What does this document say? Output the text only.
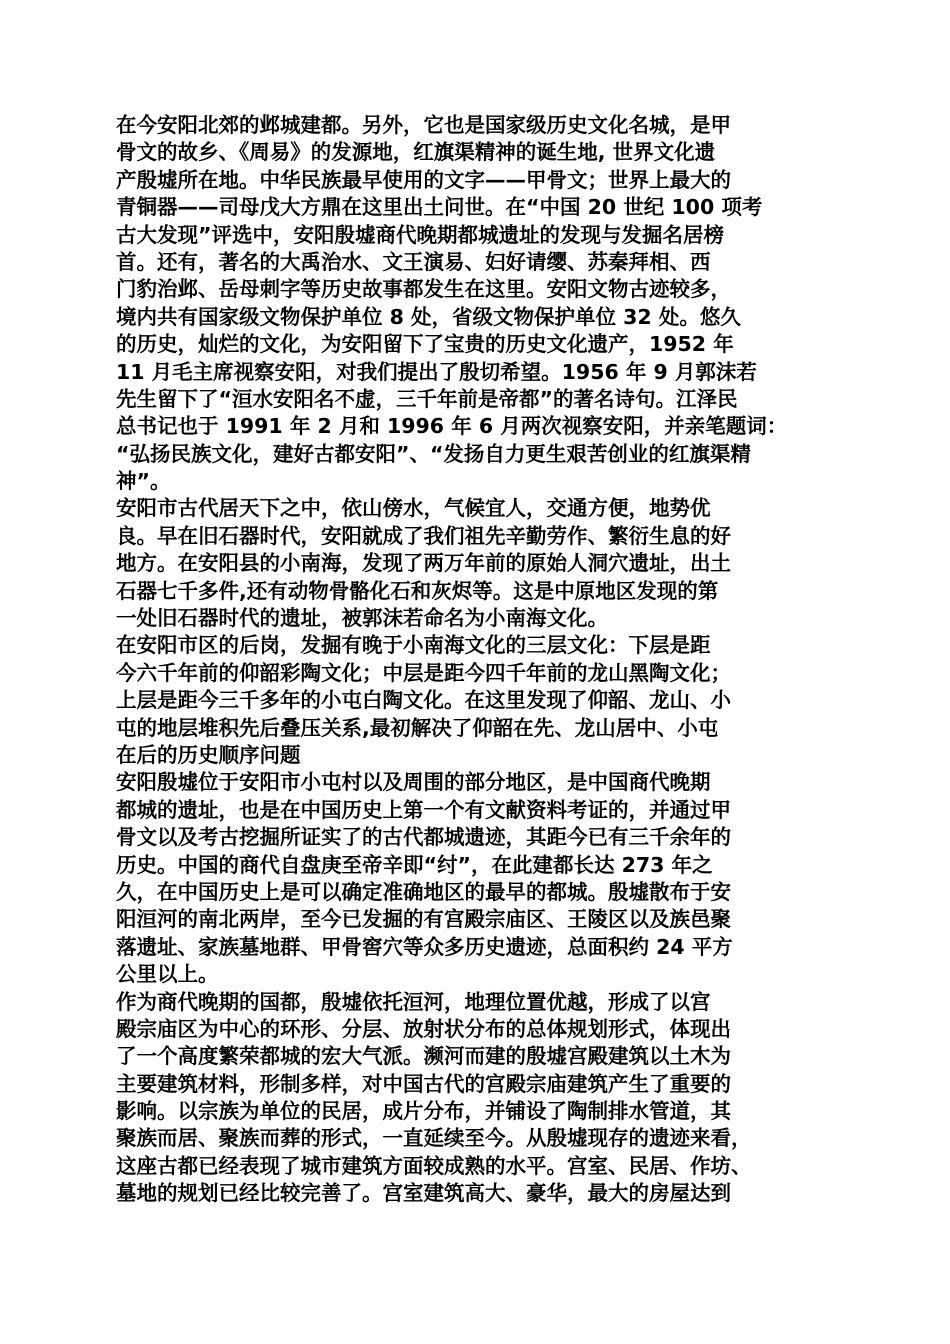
在今安阳北郊的邺城建都。另外，它也是国家级历史文化名城，是甲
骨文的故乡、《周易》的发源地，红旗渠精神的诞生地, 世界文化遗
产殷墟所在地。中华民族最早使用的文字——甲骨文；世界上最大的
青铜器——司母戊大方鼎在这里出土问世。在“中国 20 世纪 100 项考
古大发现”评选中，安阳殷墟商代晚期都城遗址的发现与发掘名居榜
首。还有，著名的大禹治水、文王演易、妇好请缨、苏秦拜相、西
门豹治邺、岳母刺字等历史故事都发生在这里。安阳文物古迹较多，
境内共有国家级文物保护单位 8 处，省级文物保护单位 32 处。悠久
的历史，灿烂的文化，为安阳留下了宝贵的历史文化遗产，1952 年
11 月毛主席视察安阳，对我们提出了殷切希望。1956 年 9 月郭沫若
先生留下了“洹水安阳名不虚，三千年前是帝都”的著名诗句。江泽民
总书记也于 1991 年 2 月和 1996 年 6 月两次视察安阳，并亲笔题词：
“弘扬民族文化，建好古都安阳”、“发扬自力更生艰苦创业的红旗渠精
神”。
安阳市古代居天下之中，依山傍水，气候宜人，交通方便，地势优
良。早在旧石器时代，安阳就成了我们祖先辛勤劳作、繁衍生息的好
地方。在安阳县的小南海，发现了两万年前的原始人洞穴遗址，出土
石器七千多件,还有动物骨骼化石和灰烬等。这是中原地区发现的第
一处旧石器时代的遗址，被郭沫若命名为小南海文化。
在安阳市区的后岗，发掘有晚于小南海文化的三层文化：下层是距
今六千年前的仰韶彩陶文化；中层是距今四千年前的龙山黑陶文化；
上层是距今三千多年的小屯白陶文化。在这里发现了仰韶、龙山、小
屯的地层堆积先后叠压关系,最初解决了仰韶在先、龙山居中、小屯
在后的历史顺序问题
安阳殷墟位于安阳市小屯村以及周围的部分地区，是中国商代晚期
都城的遗址，也是在中国历史上第一个有文献资料考证的，并通过甲
骨文以及考古挖掘所证实了的古代都城遗迹，其距今已有三千余年的
历史。中国的商代自盘庚至帝辛即“纣”，在此建都长达 273 年之
久，在中国历史上是可以确定准确地区的最早的都城。殷墟散布于安
阳洹河的南北两岸，至今已发掘的有宫殿宗庙区、王陵区以及族邑聚
落遗址、家族墓地群、甲骨窖穴等众多历史遗迹，总面积约 24 平方
公里以上。
作为商代晚期的国都，殷墟依托洹河，地理位置优越，形成了以宫
殿宗庙区为中心的环形、分层、放射状分布的总体规划形式，体现出
了一个高度繁荣都城的宏大气派。濒河而建的殷墟宫殿建筑以土木为
主要建筑材料，形制多样，对中国古代的宫殿宗庙建筑产生了重要的
影响。以宗族为单位的民居，成片分布，并铺设了陶制排水管道，其
聚族而居、聚族而葬的形式，一直延续至今。从殷墟现存的遗迹来看，
这座古都已经表现了城市建筑方面较成熟的水平。宫室、民居、作坊、
墓地的规划已经比较完善了。宫室建筑高大、豪华，最大的房屋达到
